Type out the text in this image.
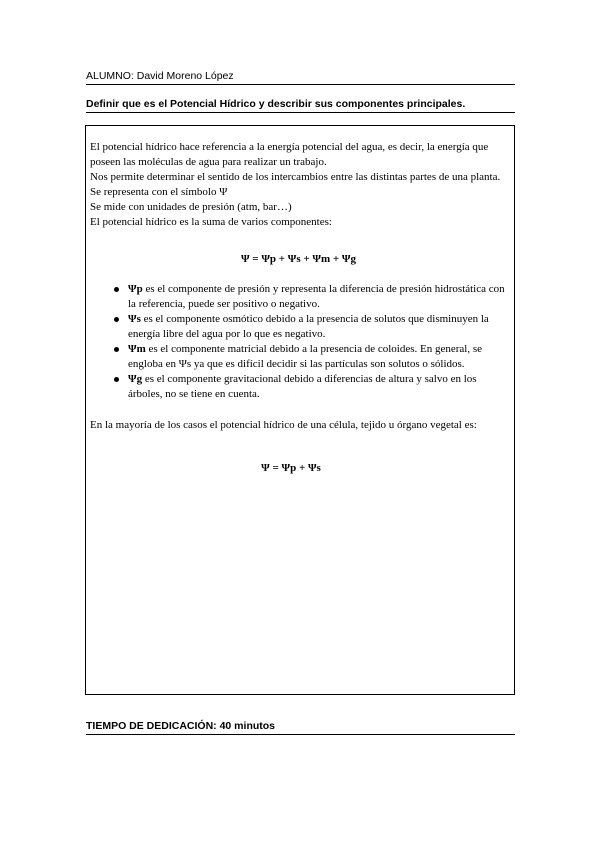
ALUMNO: David Moreno López
Definir que es el Potencial Hídrico y describir sus componentes principales.

El potencial hídrico hace referencia a la energía potencial del agua, es decir, la energía que poseen las moléculas de agua para realizar un trabajo.

Nos permite determinar el sentido de los intercambios entre las distintas partes de una planta.

Se representa con el símbolo Ψ

Se mide con unidades de presión (atm, bar…)

El potencial hídrico es la suma de varios componentes:

Ψ = Ψp + Ψs + Ψm + Ψg

Ψp es el componente de presión y representa la diferencia de presión hidrostática con la referencia, puede ser positivo o negativo.
Ψs es el componente osmótico debido a la presencia de solutos que disminuyen la energía libre del agua por lo que es negativo.
Ψm es el componente matricial debido a la presencia de coloides. En general, se engloba en Ψs ya que es difícil decidir si las partículas son solutos o sólidos.
Ψg es el componente gravitacional debido a diferencias de altura y salvo en los árboles, no se tiene en cuenta.

En la mayoría de los casos el potencial hídrico de una célula, tejido u órgano vegetal es:

Ψ = Ψp + Ψs

TIEMPO DE DEDICACIÓN: 40 minutos
